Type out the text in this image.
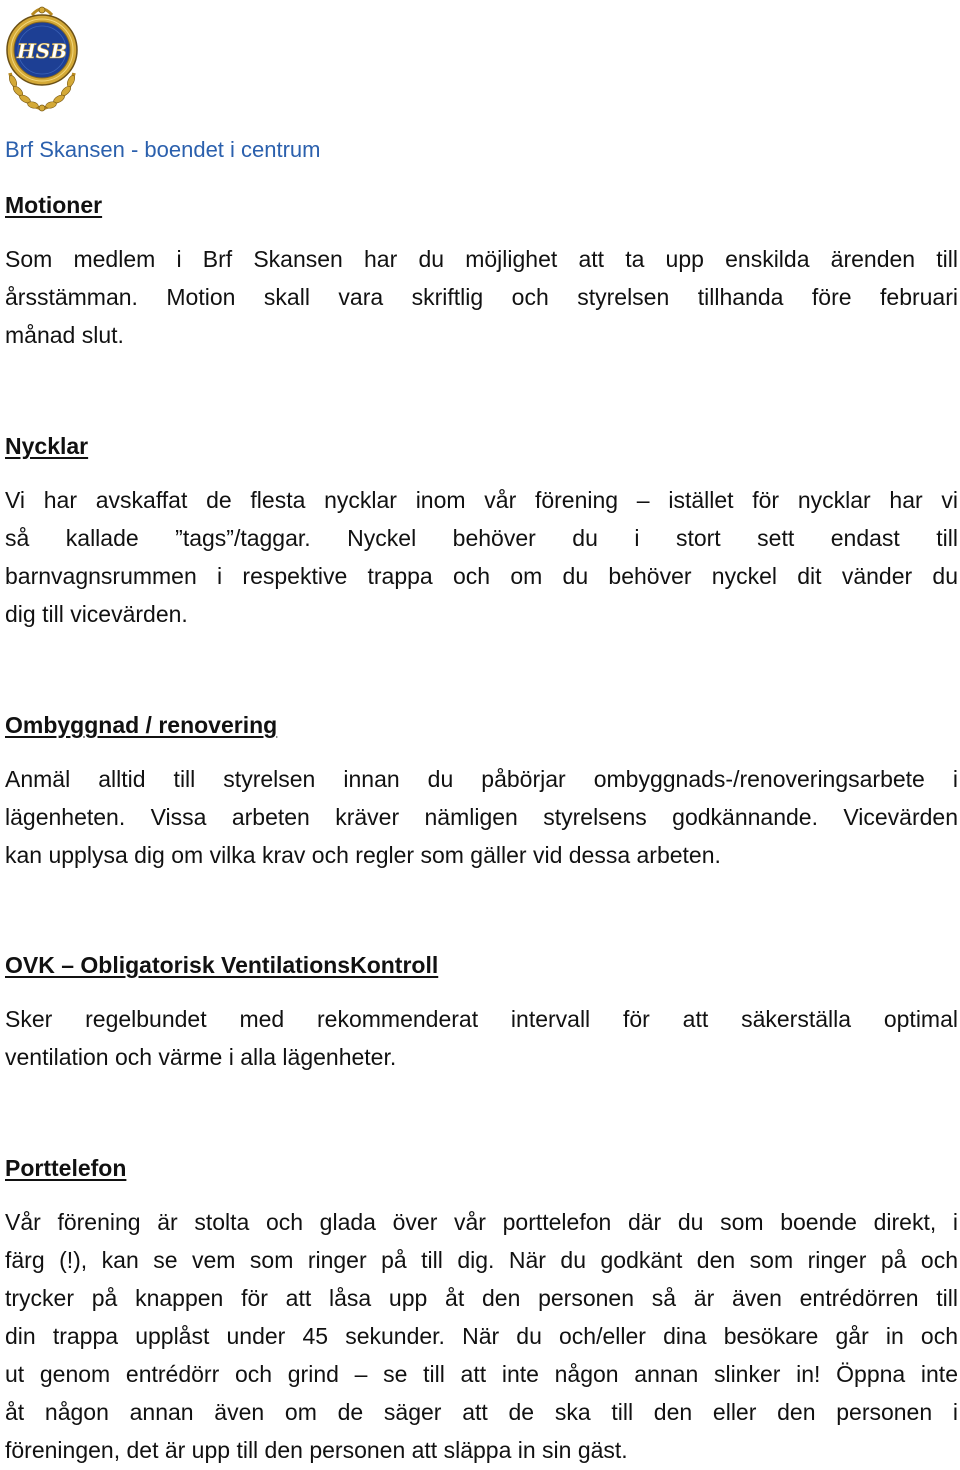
HSB
Brf Skansen - boendet i centrum
Motioner
Som medlem i Brf Skansen har du möjlighet att ta upp enskilda ärenden till
årsstämman. Motion skall vara skriftlig och styrelsen tillhanda före februari
månad slut.
Nycklar
Vi har avskaffat de flesta nycklar inom vår förening – istället för nycklar har vi
så kallade ”tags”/taggar. Nyckel behöver du i stort sett endast till
barnvagnsrummen i respektive trappa och om du behöver nyckel dit vänder du
dig till vicevärden.
Ombyggnad / renovering
Anmäl alltid till styrelsen innan du påbörjar ombyggnads-/renoveringsarbete i
lägenheten. Vissa arbeten kräver nämligen styrelsens godkännande. Vicevärden
kan upplysa dig om vilka krav och regler som gäller vid dessa arbeten.
OVK – Obligatorisk VentilationsKontroll
Sker regelbundet med rekommenderat intervall för att säkerställa optimal
ventilation och värme i alla lägenheter.
Porttelefon
Vår förening är stolta och glada över vår porttelefon där du som boende direkt, i
färg (!), kan se vem som ringer på till dig. När du godkänt den som ringer på och
trycker på knappen för att låsa upp åt den personen så är även entrédörren till
din trappa upplåst under 45 sekunder. När du och/eller dina besökare går in och
ut genom entrédörr och grind – se till att inte någon annan slinker in! Öppna inte
åt någon annan även om de säger att de ska till den eller den personen i
föreningen, det är upp till den personen att släppa in sin gäst.
